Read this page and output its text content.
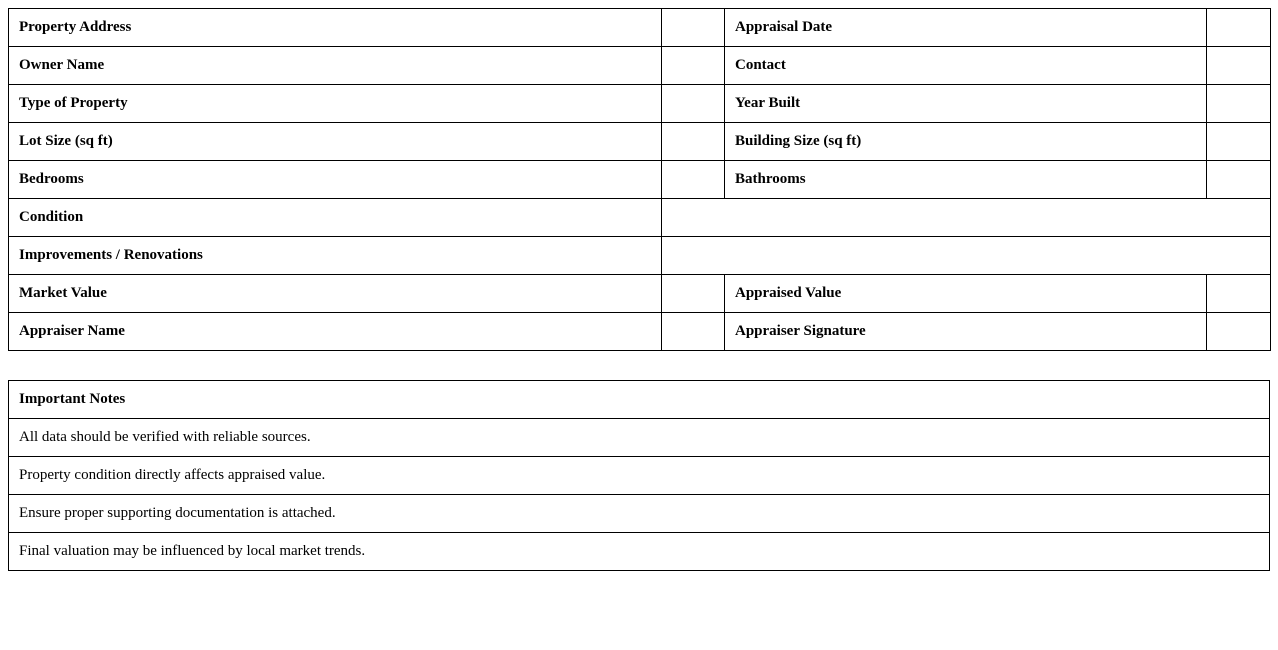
Property Address		Appraisal Date	
Owner Name		Contact	
Type of Property		Year Built	
Lot Size (sq ft)		Building Size (sq ft)	
Bedrooms		Bathrooms	
Condition			
Improvements / Renovations			
Market Value		Appraised Value	
Appraiser Name		Appraiser Signature	
Important Notes
All data should be verified with reliable sources.
Property condition directly affects appraised value.
Ensure proper supporting documentation is attached.
Final valuation may be influenced by local market trends.
